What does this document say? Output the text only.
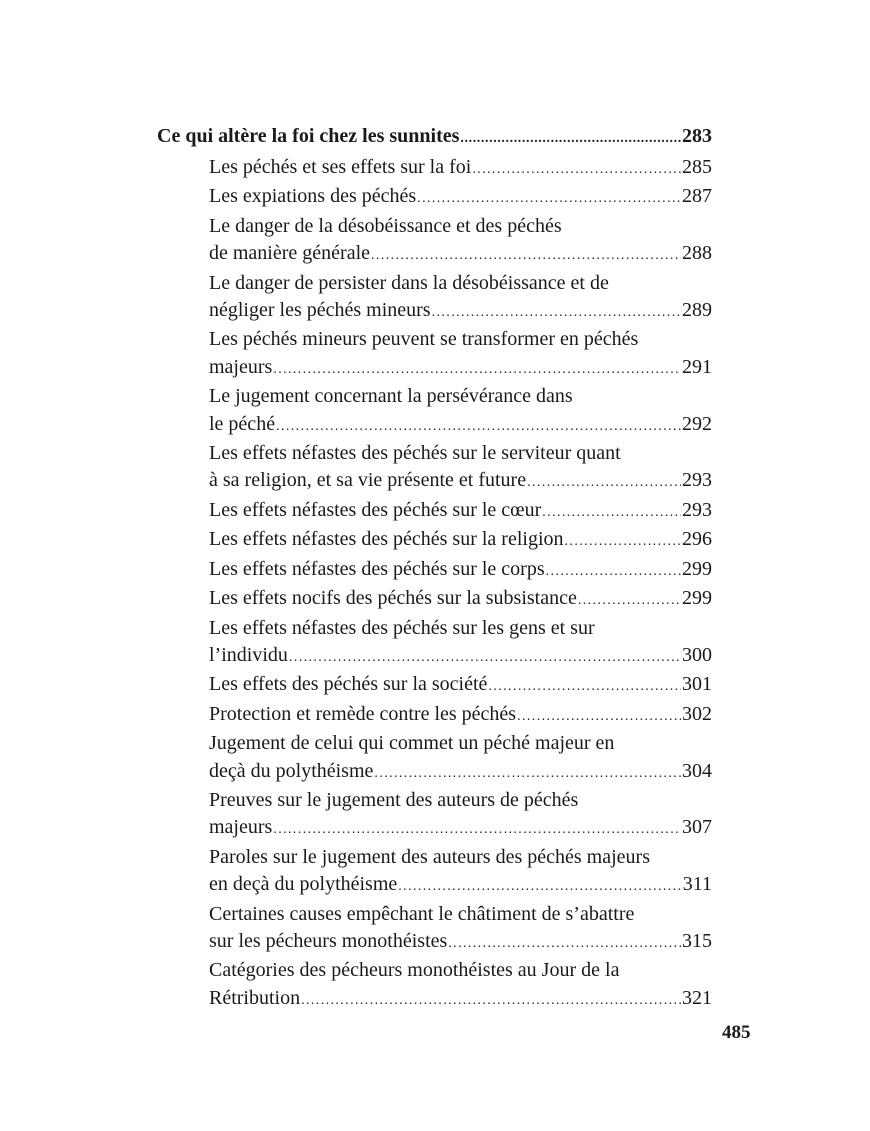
Ce qui altère la foi chez les sunnites .....	283
Les péchés et ses effets sur la foi .....	285
Les expiations des péchés .....	287
Le danger de la désobéissance et des péchés
de manière générale .....	288
Le danger de persister dans la désobéissance et de
négliger les péchés mineurs .....	289
Les péchés mineurs peuvent se transformer en péchés
majeurs .....	291
Le jugement concernant la persévérance dans
le péché .....	292
Les effets néfastes des péchés sur le serviteur quant
à sa religion, et sa vie présente et future .....	293
Les effets néfastes des péchés sur le cœur .....	293
Les effets néfastes des péchés sur la religion .....	296
Les effets néfastes des péchés sur le corps .....	299
Les effets nocifs des péchés sur la subsistance .....	299
Les effets néfastes des péchés sur les gens et sur
l’individu .....	300
Les effets des péchés sur la société .....	301
Protection et remède contre les péchés .....	302
Jugement de celui qui commet un péché majeur en
deçà du polythéisme .....	304
Preuves sur le jugement des auteurs de péchés
majeurs .....	307
Paroles sur le jugement des auteurs des péchés majeurs
en deçà du polythéisme .....	311
Certaines causes empêchant le châtiment de s’abattre
sur les pécheurs monothéistes .....	315
Catégories des pécheurs monothéistes au Jour de la
Rétribution .....	321
485
